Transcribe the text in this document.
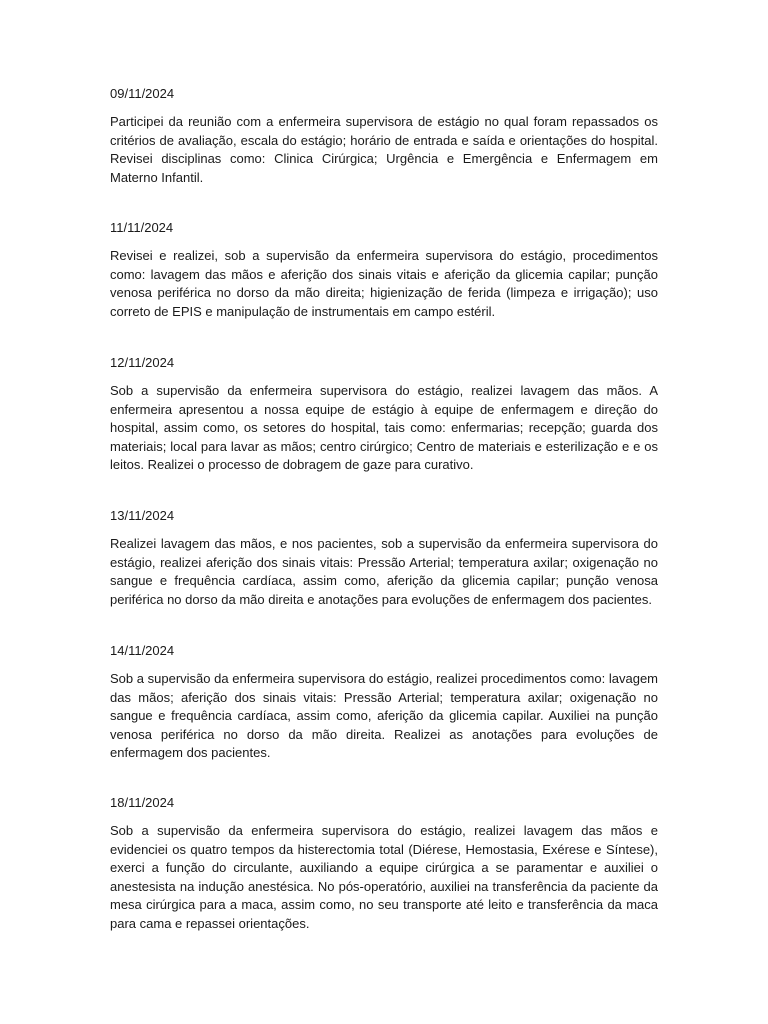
09/11/2024

Participei da reunião com a enfermeira supervisora de estágio no qual foram repassados os critérios de avaliação, escala do estágio; horário de entrada e saída e orientações do hospital. Revisei disciplinas como: Clinica Cirúrgica; Urgência e Emergência e Enfermagem em Materno Infantil.

11/11/2024

Revisei e realizei, sob a supervisão da enfermeira supervisora do estágio, procedimentos como: lavagem das mãos e aferição dos sinais vitais e aferição da glicemia capilar; punção venosa periférica no dorso da mão direita; higienização de ferida (limpeza e irrigação); uso correto de EPIS e manipulação de instrumentais em campo estéril.

12/11/2024

Sob a supervisão da enfermeira supervisora do estágio, realizei lavagem das mãos. A enfermeira apresentou a nossa equipe de estágio à equipe de enfermagem e direção do hospital, assim como, os setores do hospital, tais como: enfermarias; recepção; guarda dos materiais; local para lavar as mãos; centro cirúrgico; Centro de materiais e esterilização e e os leitos. Realizei o processo de dobragem de gaze para curativo.

13/11/2024

Realizei lavagem das mãos, e nos pacientes, sob a supervisão da enfermeira supervisora do estágio, realizei aferição dos sinais vitais: Pressão Arterial; temperatura axilar; oxigenação no sangue e frequência cardíaca, assim como, aferição da glicemia capilar; punção venosa periférica no dorso da mão direita e anotações para evoluções de enfermagem dos pacientes.

14/11/2024

Sob a supervisão da enfermeira supervisora do estágio, realizei procedimentos como: lavagem das mãos; aferição dos sinais vitais: Pressão Arterial; temperatura axilar; oxigenação no sangue e frequência cardíaca, assim como, aferição da glicemia capilar. Auxiliei na punção venosa periférica no dorso da mão direita. Realizei as anotações para evoluções de enfermagem dos pacientes.

18/11/2024

Sob a supervisão da enfermeira supervisora do estágio, realizei lavagem das mãos e evidenciei os quatro tempos da histerectomia total (Diérese, Hemostasia, Exérese e Síntese), exerci a função do circulante, auxiliando a equipe cirúrgica a se paramentar e auxiliei o anestesista na indução anestésica. No pós-operatório, auxiliei na transferência da paciente da mesa cirúrgica para a maca, assim como, no seu transporte até leito e transferência da maca para cama e repassei orientações.
